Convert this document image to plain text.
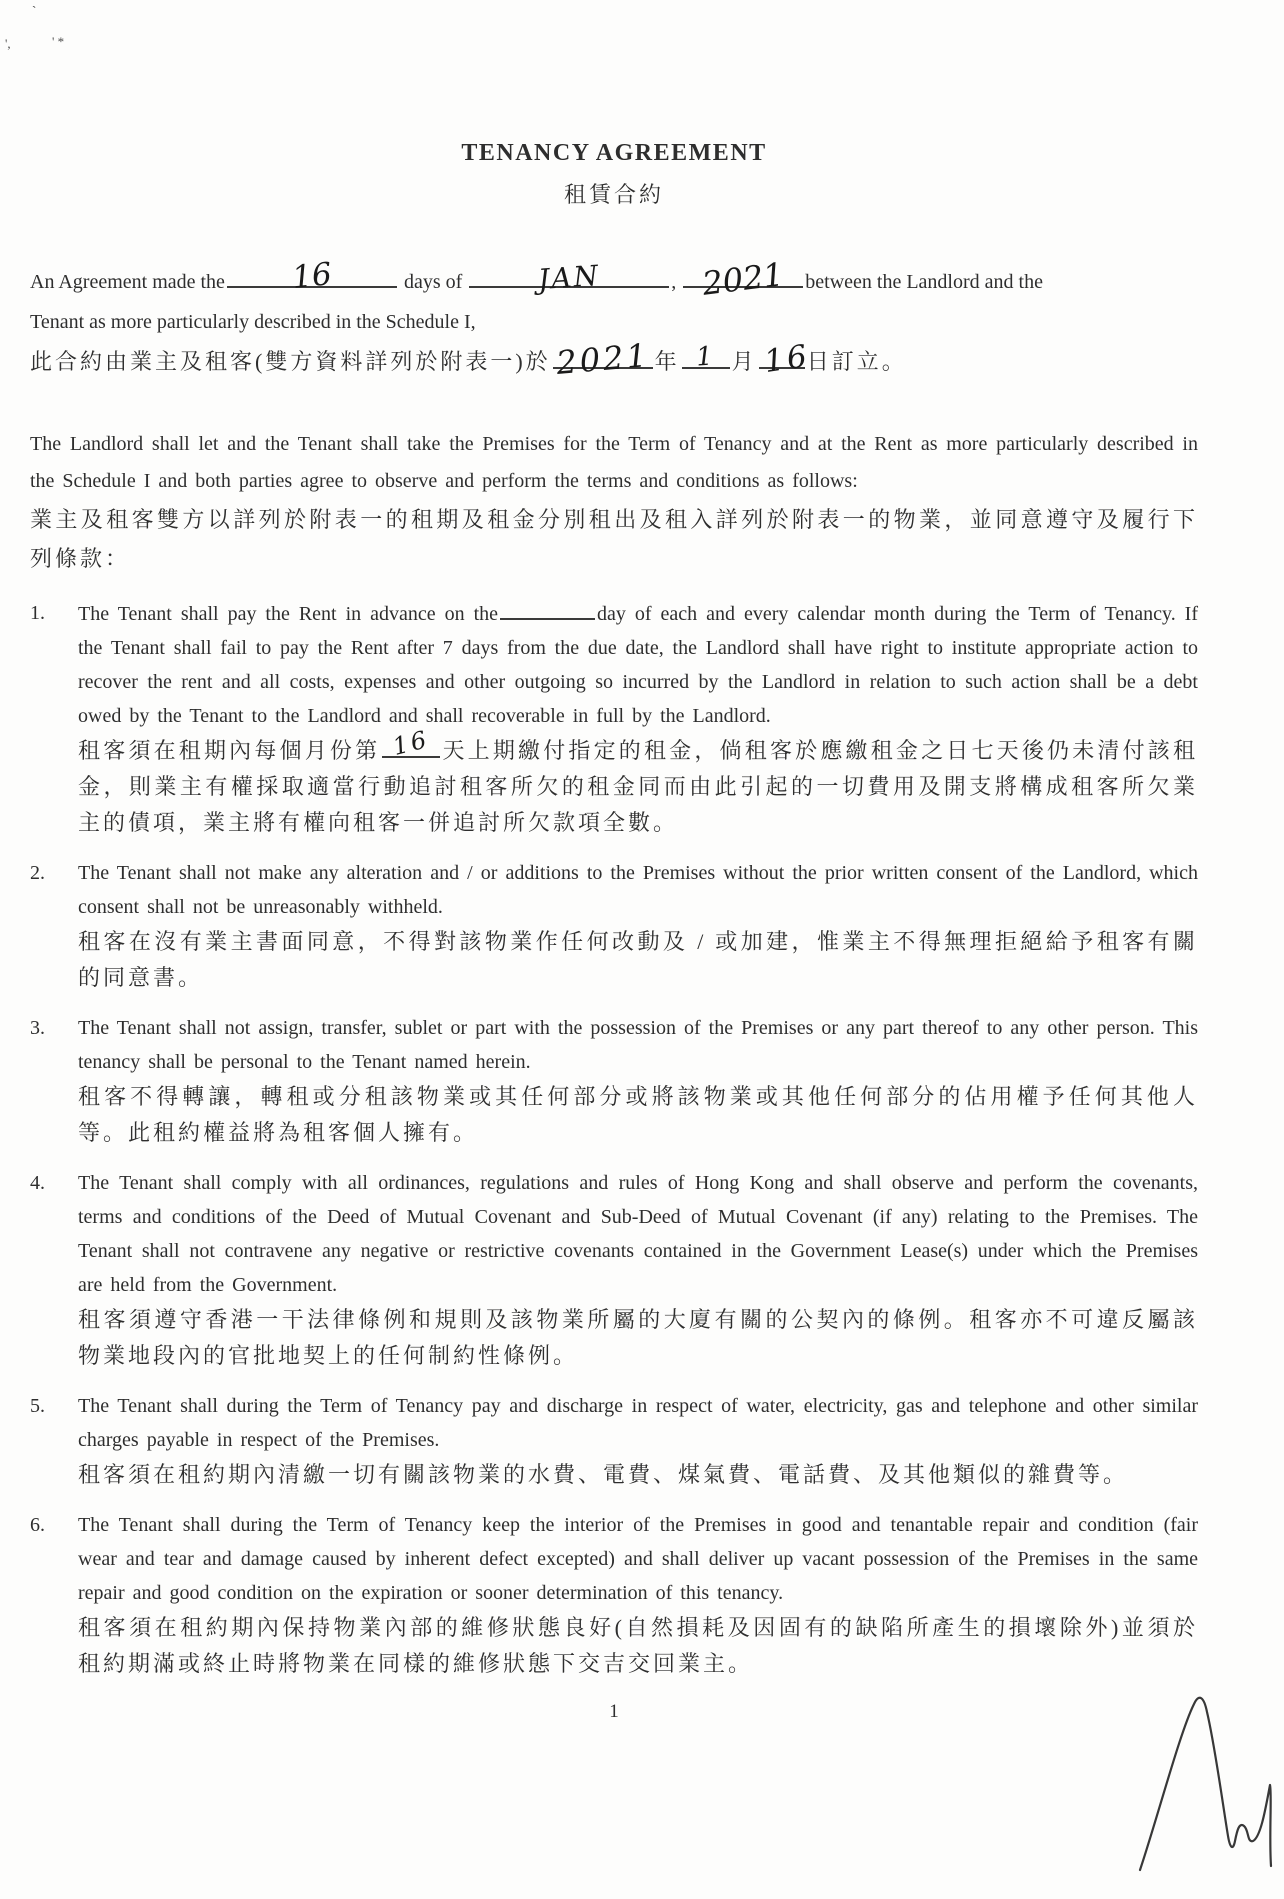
`
',	' *
TENANCY AGREEMENT
租賃合約
An Agreement made the 16	days of	JAN	, 2021 between the Landlord and the
Tenant as more particularly described in the Schedule I,
此合約由業主及租客(雙方資料詳列於附表一)於 2021 年 1 月 16
日訂立。

The Landlord shall let and the Tenant shall take the Premises for the Term of Tenancy and at the Rent as more particularly described in the Schedule I and both parties agree to observe and perform the terms and conditions as follows:

業主及租客雙方以詳列於附表一的租期及租金分別租出及租入詳列於附表一的物業，並同意遵守及履行下列條款：

1.	The Tenant shall pay the Rent in advance on the	day of each and every calendar month during the Term of Tenancy. If the Tenant shall fail to pay the Rent after 7 days from the due date, the Landlord shall have right to institute appropriate action to recover the rent and all costs, expenses and other outgoing so incurred by the Landlord in relation to such action shall be a debt owed by the Tenant to the Landlord and shall recoverable in full by the Landlord.

租客須在租期內每個月份第 16 天上期繳付指定的租金，倘租客於應繳租金之日七天後仍未清付該租金，則業主有權採取適當行動追討租客所欠的租金同而由此引起的一切費用及開支將構成租客所欠業主的債項，業主將有權向租客一併追討所欠款項全數。

2.	The Tenant shall not make any alteration and / or additions to the Premises without the prior written consent of the Landlord, which consent shall not be unreasonably withheld.

租客在沒有業主書面同意，不得對該物業作任何改動及 / 或加建，惟業主不得無理拒絕給予租客有關的同意書。

3.	The Tenant shall not assign, transfer, sublet or part with the possession of the Premises or any part thereof to any other person. This tenancy shall be personal to the Tenant named herein.

租客不得轉讓，轉租或分租該物業或其任何部分或將該物業或其他任何部分的佔用權予任何其他人等。此租約權益將為租客個人擁有。

4.	The Tenant shall comply with all ordinances, regulations and rules of Hong Kong and shall observe and perform the covenants, terms and conditions of the Deed of Mutual Covenant and Sub-Deed of Mutual Covenant (if any) relating to the Premises. The Tenant shall not contravene any negative or restrictive covenants contained in the Government Lease(s) under which the Premises are held from the Government.

租客須遵守香港一干法律條例和規則及該物業所屬的大廈有關的公契內的條例。租客亦不可違反屬該物業地段內的官批地契上的任何制約性條例。

5.	The Tenant shall during the Term of Tenancy pay and discharge in respect of water, electricity, gas and telephone and other similar charges payable in respect of the Premises.

租客須在租約期內清繳一切有關該物業的水費、電費、煤氣費、電話費、及其他類似的雜費等。

6.	The Tenant shall during the Term of Tenancy keep the interior of the Premises in good and tenantable repair and condition (fair wear and tear and damage caused by inherent defect excepted) and shall deliver up vacant possession of the Premises in the same repair and good condition on the expiration or sooner determination of this tenancy.

租客須在租約期內保持物業內部的維修狀態良好(自然損耗及因固有的缺陷所產生的損壞除外)並須於租約期滿或終止時將物業在同樣的維修狀態下交吉交回業主。

1
